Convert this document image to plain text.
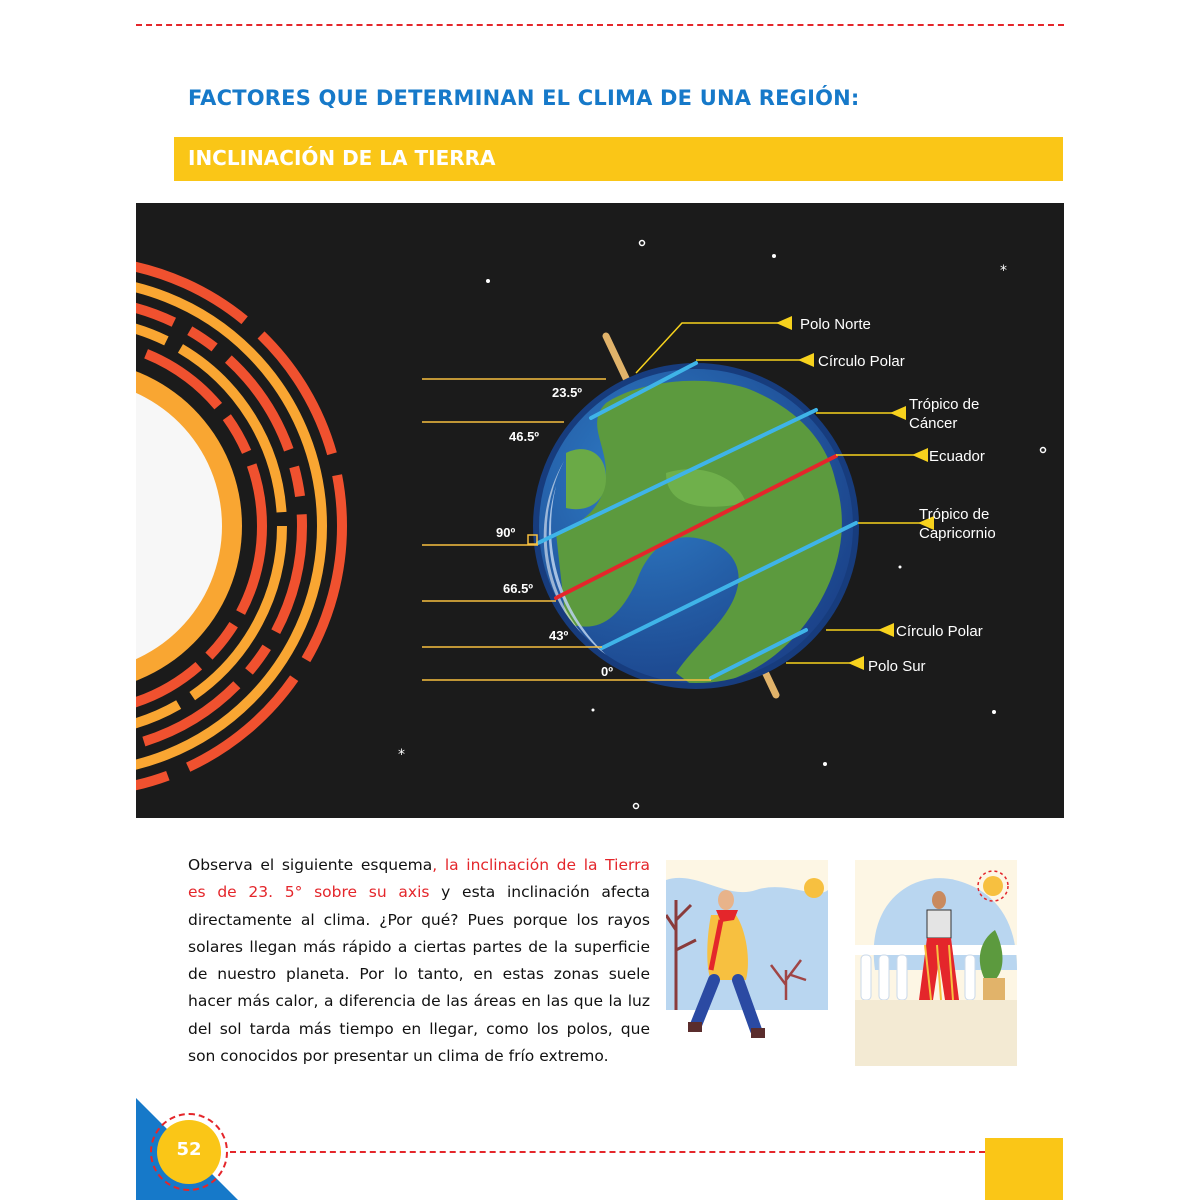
FACTORES QUE DETERMINAN EL CLIMA DE UNA REGIÓN:
INCLINACIÓN DE LA TIERRA
*
*
23.5º
46.5º
90º
66.5º
43º
0º
Polo Norte
Círculo Polar
Trópico de
Cáncer
Ecuador
Trópico de
Capricornio
Círculo Polar
Polo Sur

Observa el siguiente esquema, la inclinación de la Tierra es de 23. 5° sobre su axis y esta inclinación afecta directamente al clima. ¿Por qué? Pues porque los rayos solares llegan más rápido a ciertas partes de la superficie de nuestro planeta. Por lo tanto, en estas zonas suele hacer más calor, a diferencia de las áreas en las que la luz del sol tarda más tiempo en llegar, como los polos, que son conocidos por presentar un clima de frío extremo.

52
